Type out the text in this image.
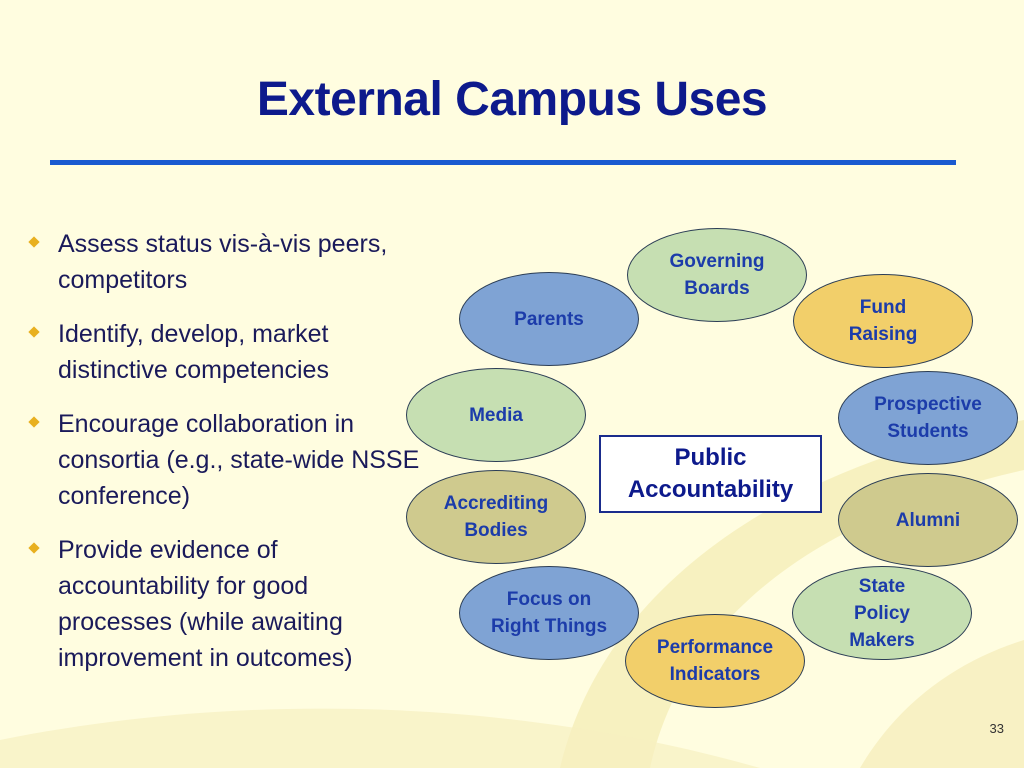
External Campus Uses
Assess status vis-à-vis peers, competitors
Identify, develop, market distinctive competencies
Encourage collaboration in consortia (e.g., state-wide NSSE conference)
Provide evidence of accountability for good processes (while awaiting improvement in outcomes)
Governing
Boards
Parents
Fund
Raising
Media	Prospective
Students
Accrediting
Bodies	Alumni
Focus on
Right Things
State
Policy
Makers
Performance
Indicators
Public
Accountability
33
